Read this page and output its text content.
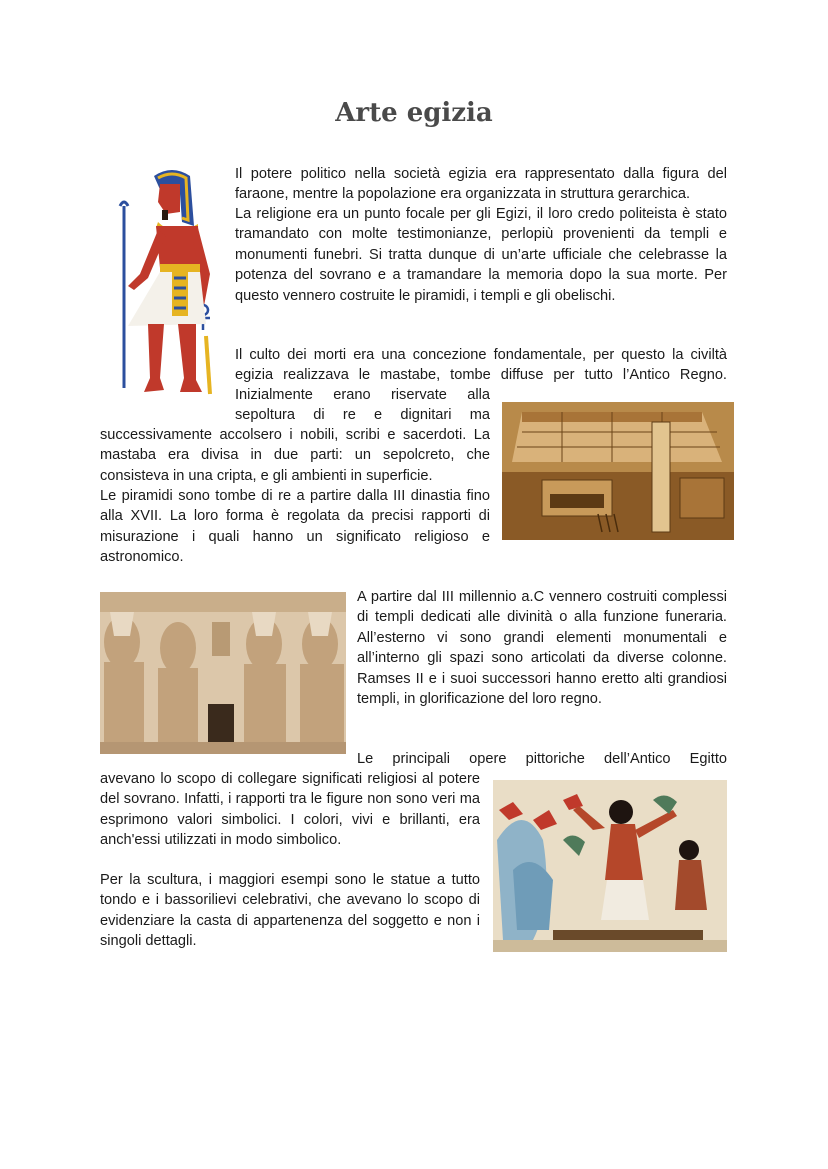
Arte egizia

Il potere politico nella società egizia era rappresentato dalla figura del faraone, mentre la popolazione era organizzata in struttura gerarchica.

La religione era un punto focale per gli Egizi, il loro credo politeista è stato tramandato con molte testimonianze, perlopiù provenienti da templi e monumenti funebri. Si tratta dunque di un’arte ufficiale che celebrasse la potenza del sovrano e a tramandare la memoria dopo la sua morte. Per questo vennero costruite le piramidi, i templi e gli obelischi.

Il culto dei morti era una concezione fondamentale, per questo la civiltà

egizia realizzava le mastabe, tombe diffuse per tutto l’Antico Regno.

Inizialmente erano riservate alla

sepoltura di re e dignitari ma

successivamente accolsero i nobili, scribi e sacerdoti. La mastaba era divisa in due parti: un sepolcreto, che consisteva in una cripta, e gli ambienti in superficie.

Le piramidi sono tombe di re a partire dalla III dinastia fino alla XVII. La loro forma è regolata da precisi rapporti di misurazione i quali hanno un significato religioso e astronomico.

A partire dal III millennio a.C vennero costruiti complessi di templi dedicati alle divinità o alla funzione funeraria. All’esterno vi sono grandi elementi monumentali e all’interno gli spazi sono articolati da diverse colonne. Ramses II e i suoi successori hanno eretto alti grandiosi templi, in glorificazione del loro regno.

Le principali opere pittoriche dell’Antico Egitto

avevano lo scopo di collegare significati religiosi al potere del sovrano. Infatti, i rapporti tra le figure non sono veri ma esprimono valori simbolici. I colori, vivi e brillanti, era anch'essi utilizzati in modo simbolico.

Per la scultura, i maggiori esempi sono le statue a tutto tondo e i bassorilievi celebrativi, che avevano lo scopo di evidenziare la casta di appartenenza del soggetto e non i singoli dettagli.
